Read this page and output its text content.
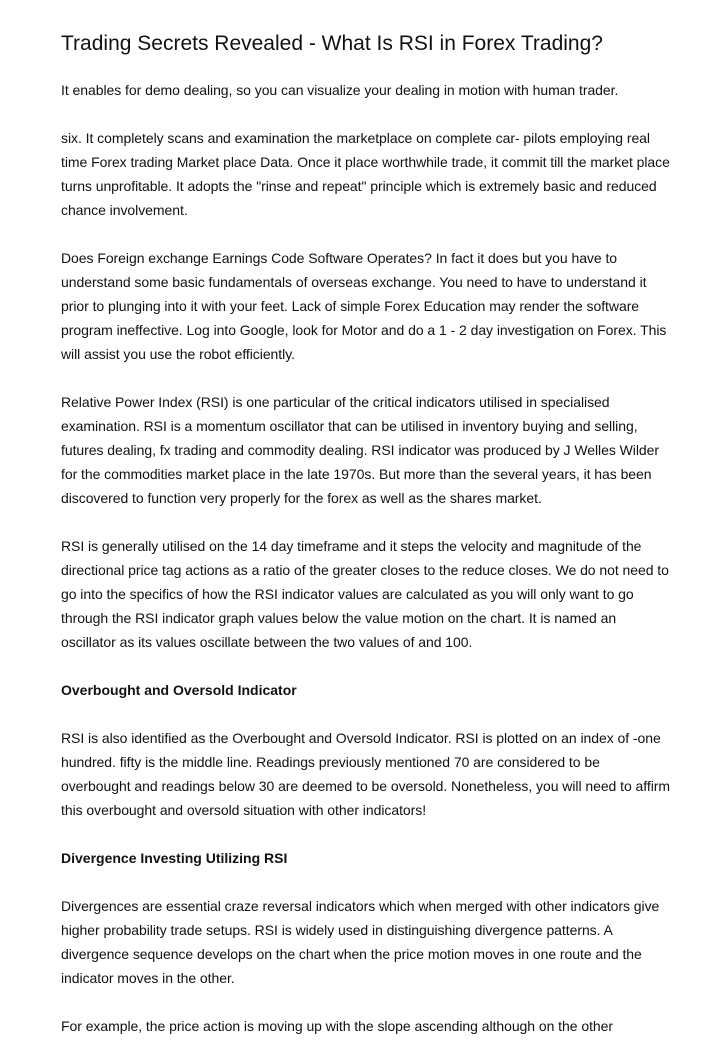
Trading Secrets Revealed - What Is RSI in Forex Trading?

It enables for demo dealing, so you can visualize your dealing in motion with human trader.

six. It completely scans and examination the marketplace on complete car- pilots employing real time Forex trading Market place Data. Once it place worthwhile trade, it commit till the market place turns unprofitable. It adopts the "rinse and repeat" principle which is extremely basic and reduced chance involvement.

Does Foreign exchange Earnings Code Software Operates? In fact it does but you have to understand some basic fundamentals of overseas exchange. You need to have to understand it prior to plunging into it with your feet. Lack of simple Forex Education may render the software program ineffective. Log into Google, look for Motor and do a 1 - 2 day investigation on Forex. This will assist you use the robot efficiently.

Relative Power Index (RSI) is one particular of the critical indicators utilised in specialised examination. RSI is a momentum oscillator that can be utilised in inventory buying and selling, futures dealing, fx trading and commodity dealing. RSI indicator was produced by J Welles Wilder for the commodities market place in the late 1970s. But more than the several years, it has been discovered to function very properly for the forex as well as the shares market.

RSI is generally utilised on the 14 day timeframe and it steps the velocity and magnitude of the directional price tag actions as a ratio of the greater closes to the reduce closes. We do not need to go into the specifics of how the RSI indicator values are calculated as you will only want to go through the RSI indicator graph values below the value motion on the chart. It is named an oscillator as its values oscillate between the two values of and 100.

Overbought and Oversold Indicator

RSI is also identified as the Overbought and Oversold Indicator. RSI is plotted on an index of -one hundred. fifty is the middle line. Readings previously mentioned 70 are considered to be overbought and readings below 30 are deemed to be oversold. Nonetheless, you will need to affirm this overbought and oversold situation with other indicators!

Divergence Investing Utilizing RSI

Divergences are essential craze reversal indicators which when merged with other indicators give higher probability trade setups. RSI is widely used in distinguishing divergence patterns. A divergence sequence develops on the chart when the price motion moves in one route and the indicator moves in the other.

For example, the price action is moving up with the slope ascending although on the other
